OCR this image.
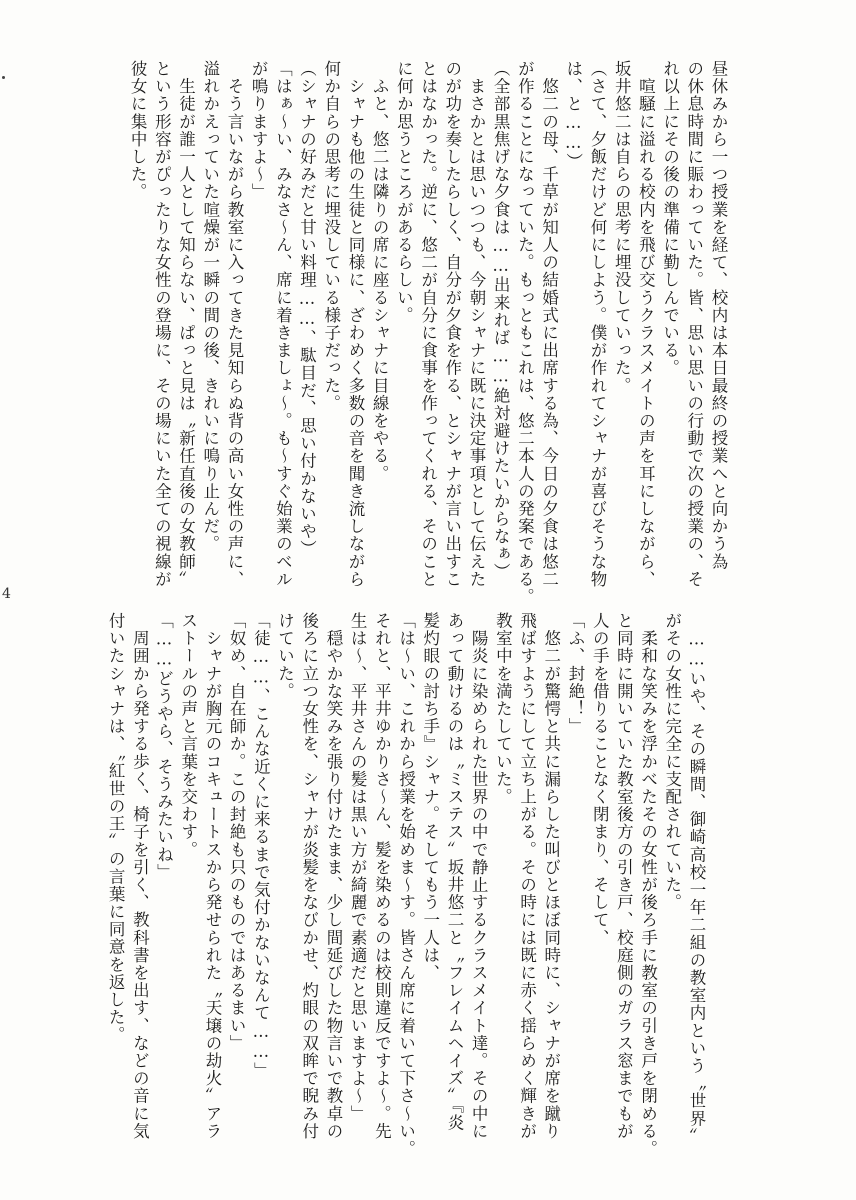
4
昼休みから一つ授業を経て、校内は本日最終の授業へと向かう為
の休息時間に賑わっていた。皆、思い思いの行動で次の授業の、そ
れ以上にその後の準備に勤しんでいる。
　喧騒に溢れる校内を飛び交うクラスメイトの声を耳にしながら、
坂井悠二は自らの思考に埋没していった。
（さて、夕飯だけど何にしよう。僕が作れてシャナが喜びそうな物
は、と……）
　悠二の母、千草が知人の結婚式に出席する為、今日の夕食は悠二
が作ることになっていた。もっともこれは、悠二本人の発案である。
（全部黒焦げな夕食は……出来れば……絶対避けたいからなぁ）
　まさかとは思いつつも、今朝シャナに既に決定事項として伝えた
のが功を奏したらしく、自分が夕食を作る、とシャナが言い出すこ
とはなかった。逆に、悠二が自分に食事を作ってくれる、そのこと
に何か思うところがあるらしい。
　ふと、悠二は隣りの席に座るシャナに目線をやる。
　シャナも他の生徒と同様に、ざわめく多数の音を聞き流しながら
何か自らの思考に埋没している様子だった。
（シャナの好みだと甘い料理……、駄目だ、思い付かないや）
「はぁ～い、みなさ～ん、席に着きましょ～。も～すぐ始業のベル
が鳴りますよ～」
　そう言いながら教室に入ってきた見知らぬ背の高い女性の声に、
溢れかえっていた喧燥が一瞬の間の後、きれいに鳴り止んだ。
　生徒が誰一人として知らない、ぱっと見は〝新任直後の女教師〟
という形容がぴったりな女性の登場に、その場にいた全ての視線が
彼女に集中した。
　……いや、その瞬間、御崎高校一年二組の教室内という〝世界〟
がその女性に完全に支配されていた。
　柔和な笑みを浮かべたその女性が後ろ手に教室の引き戸を閉める。
と同時に開いていた教室後方の引き戸、校庭側のガラス窓までもが
人の手を借りることなく閉まり、そして、
「ふ、封絶！」
　悠二が驚愕と共に漏らした叫びとほぼ同時に、シャナが席を蹴り
飛ばすようにして立ち上がる。その時には既に赤く揺らめく輝きが
教室中を満たしていた。
　陽炎に染められた世界の中で静止するクラスメイト達。その中に
あって動けるのは〝ミステス〟坂井悠二と〝フレイムヘイズ〟『炎
髪灼眼の討ち手』シャナ。そしてもう一人は、
「は～い、これから授業を始めま～す。皆さん席に着いて下さ～い。
それと、平井ゆかりさ～ん、髪を染めるのは校則違反ですよ～。先
生は～、平井さんの髪は黒い方が綺麗で素適だと思いますよ～」
　穏やかな笑みを張り付けたまま、少し間延びした物言いで教卓の
後ろに立つ女性を、シャナが炎髪をなびかせ、灼眼の双眸で睨み付
けていた。
「徒……、こんな近くに来るまで気付かないなんて……」
「奴め、自在師か。この封絶も只のものではあるまい」
　シャナが胸元のコキュートスから発せられた〝天壌の劫火〟アラ
ストールの声と言葉を交わす。
「……どうやら、そうみたいね」
　周囲から発する歩く、椅子を引く、教科書を出す、などの音に気
付いたシャナは、〝紅世の王〟の言葉に同意を返した。
